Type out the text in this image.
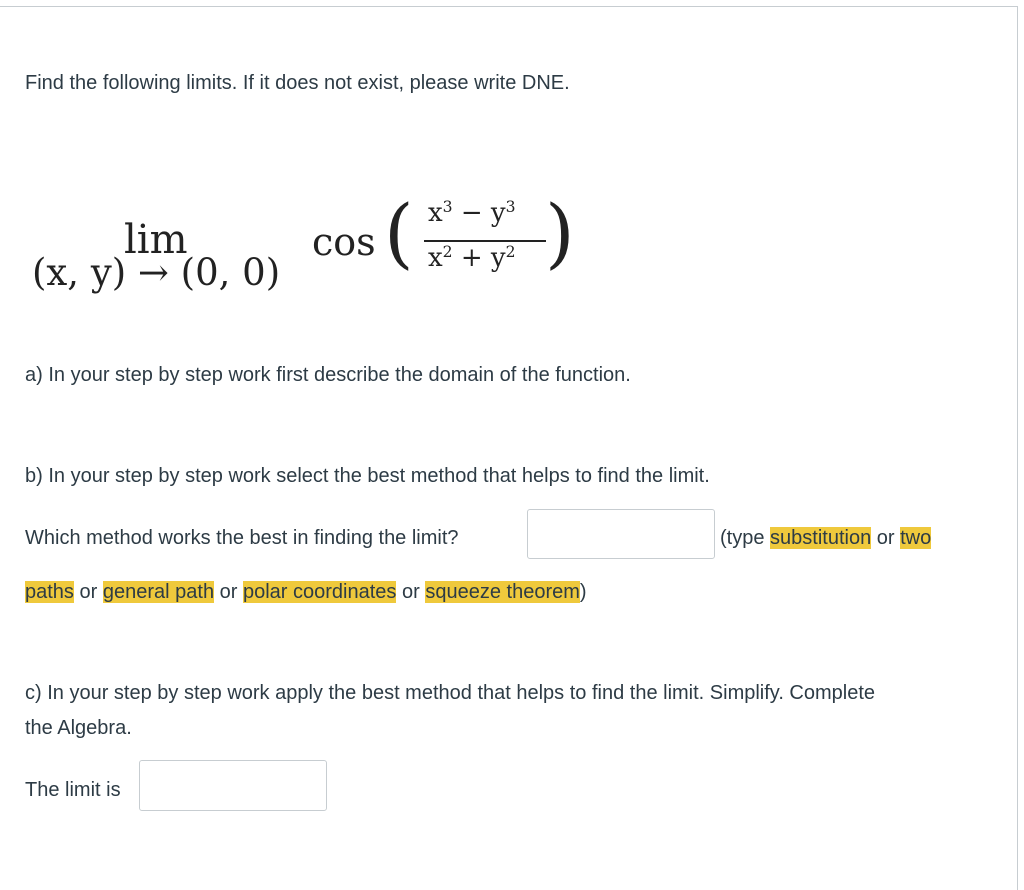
Find the following limits. If it does not exist, please write DNE.
lim
(x, y) → (0, 0)
cos ( $x^3 - y^3$
$x^2 + y^2$ )
a) In your step by step work first describe the domain of the function.
b) In your step by step work select the best method that helps to find the limit.
Which method works the best in finding the limit?	(type substitution or two
paths or general path or polar coordinates or squeeze theorem)
c) In your step by step work apply the best method that helps to find the limit. Simplify. Complete
the Algebra.
The limit is
